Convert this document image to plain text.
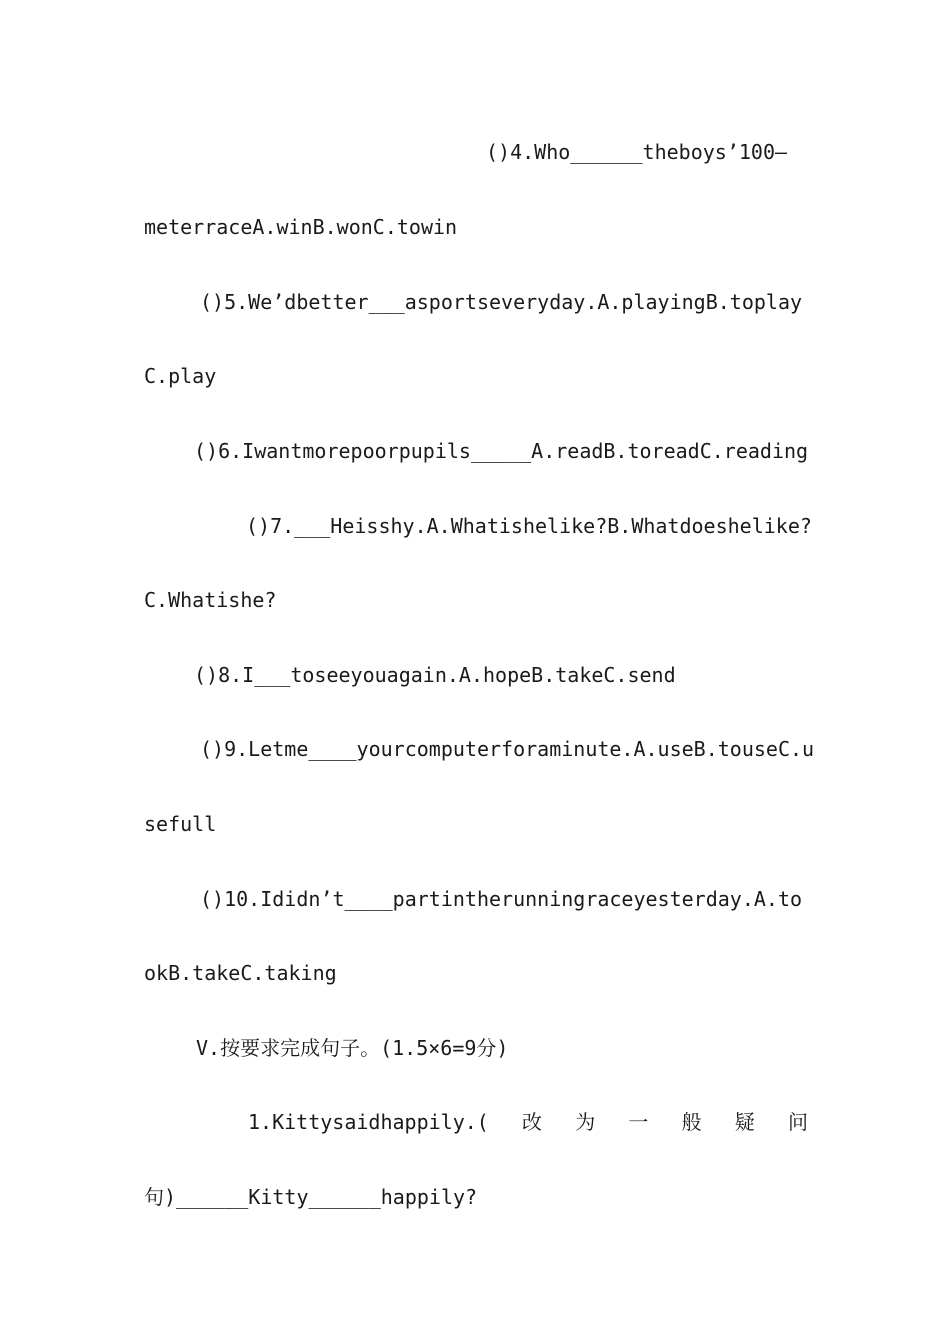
()4.Who______theboys’100—
meterraceA.winB.wonC.towin
()5.We’dbetter___asportseveryday.A.playingB.toplay
C.play
()6.Iwantmorepoorpupils_____A.readB.toreadC.reading
()7.___Heisshy.A.Whatishelike?B.Whatdoeshelike?
C.Whatishe?
()8.I___toseeyouagain.A.hopeB.takeC.send
()9.Letme____yourcomputerforaminute.A.useB.touseC.u
sefull
()10.Ididn’t____partintherunningraceyesterday.A.to
okB.takeC.taking
V.按要求完成句子。(1.5×6=9分)
1.Kittysaidhappily.( 改 为 一 般 疑 问
句)______Kitty______happily?
